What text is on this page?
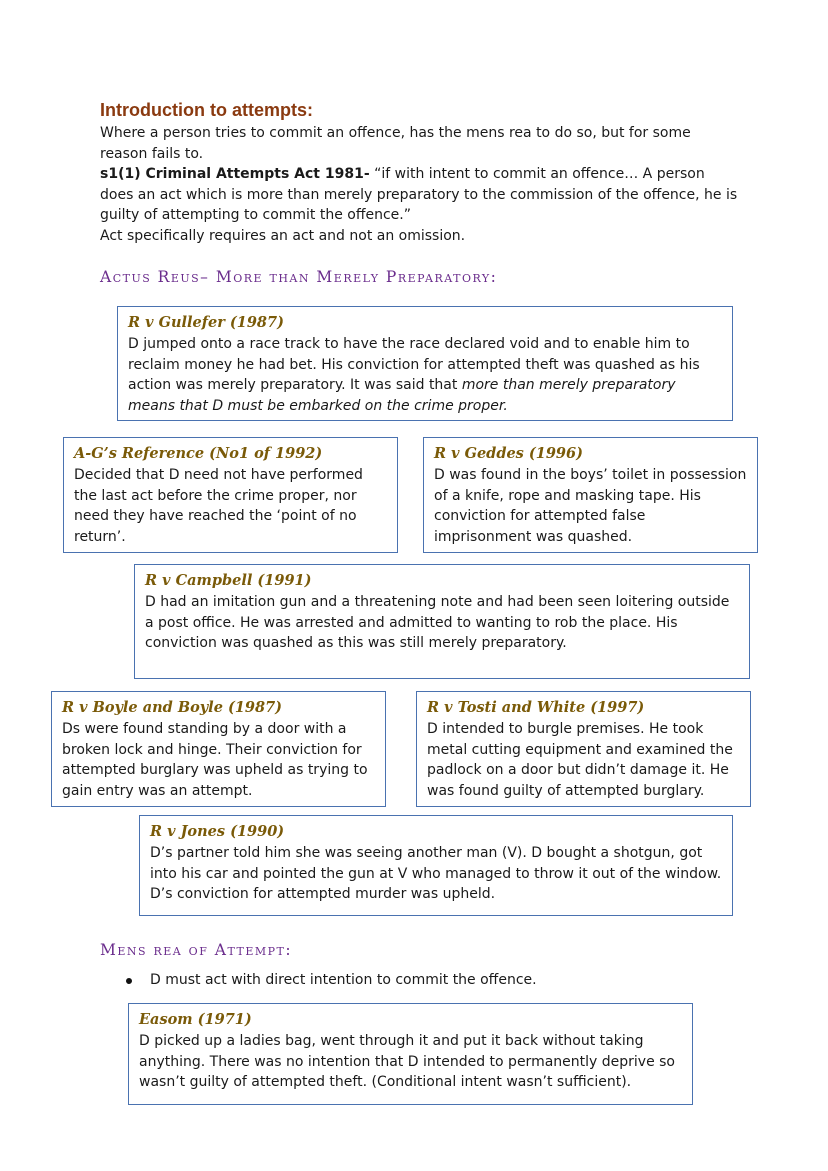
Introduction to attempts:
Where a person tries to commit an offence, has the mens rea to do so, but for some reason fails to.
s1(1) Criminal Attempts Act 1981- “if with intent to commit an offence… A person does an act which is more than merely preparatory to the commission of the offence, he is guilty of attempting to commit the offence.”
Act specifically requires an act and not an omission.
Actus Reus– More than Merely Preparatory:
R v Gullefer (1987)
D jumped onto a race track to have the race declared void and to enable him to reclaim money he had bet. His conviction for attempted theft was quashed as his action was merely preparatory. It was said that more than merely preparatory means that D must be embarked on the crime proper.
A-G’s Reference (No1 of 1992)
Decided that D need not have performed the last act before the crime proper, nor need they have reached the ‘point of no return’.
R v Geddes (1996)
D was found in the boys’ toilet in possession of a knife, rope and masking tape. His conviction for attempted false imprisonment was quashed.
R v Campbell (1991)
D had an imitation gun and a threatening note and had been seen loitering outside a post office. He was arrested and admitted to wanting to rob the place. His conviction was quashed as this was still merely preparatory.
R v Boyle and Boyle (1987)
Ds were found standing by a door with a broken lock and hinge. Their conviction for attempted burglary was upheld as trying to gain entry was an attempt.
R v Tosti and White (1997)
D intended to burgle premises. He took metal cutting equipment and examined the padlock on a door but didn’t damage it. He was found guilty of attempted burglary.
R v Jones (1990)
D’s partner told him she was seeing another man (V). D bought a shotgun, got into his car and pointed the gun at V who managed to throw it out of the window. D’s conviction for attempted murder was upheld.
Mens rea of Attempt:
D must act with direct intention to commit the offence.
Easom (1971)
D picked up a ladies bag, went through it and put it back without taking anything. There was no intention that D intended to permanently deprive so wasn’t guilty of attempted theft. (Conditional intent wasn’t sufficient).
